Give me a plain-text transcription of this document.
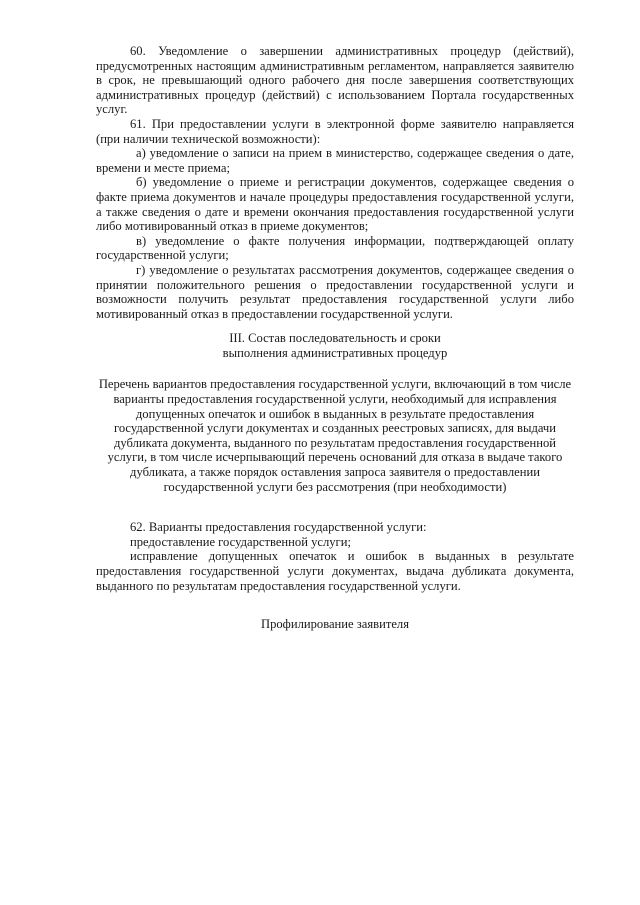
60. Уведомление о завершении административных процедур (действий), предусмотренных настоящим административным регламентом, направляется заявителю в срок, не превышающий одного рабочего дня после завершения соответствующих административных процедур (действий) с использованием Портала государственных услуг.

61. При предоставлении услуги в электронной форме заявителю направляется (при наличии технической возможности):

а) уведомление о записи на прием в министерство, содержащее сведения о дате, времени и месте приема;

б) уведомление о приеме и регистрации документов, содержащее сведения о факте приема документов и начале процедуры предоставления государственной услуги, а также сведения о дате и времени окончания предоставления государственной услуги либо мотивированный отказ в приеме документов;

в) уведомление о факте получения информации, подтверждающей оплату государственной услуги;

г) уведомление о результатах рассмотрения документов, содержащее сведения о принятии положительного решения о предоставлении государственной услуги и возможности получить результат предоставления государственной услуги либо мотивированный отказ в предоставлении государственной услуги.

III. Состав последовательность и сроки

выполнения административных процедур

Перечень вариантов предоставления государственной услуги, включающий в том числе варианты предоставления государственной услуги, необходимый для исправления допущенных опечаток и ошибок в выданных в результате предоставления государственной услуги документах и созданных реестровых записях, для выдачи дубликата документа, выданного по результатам предоставления государственной услуги, в том числе исчерпывающий перечень оснований для отказа в выдаче такого дубликата, а также порядок оставления запроса заявителя о предоставлении государственной услуги без рассмотрения (при необходимости)

62. Варианты предоставления государственной услуги:

предоставление государственной услуги;

исправление допущенных опечаток и ошибок в выданных в результате предоставления государственной услуги документах, выдача дубликата документа, выданного по результатам предоставления государственной услуги.

Профилирование заявителя
